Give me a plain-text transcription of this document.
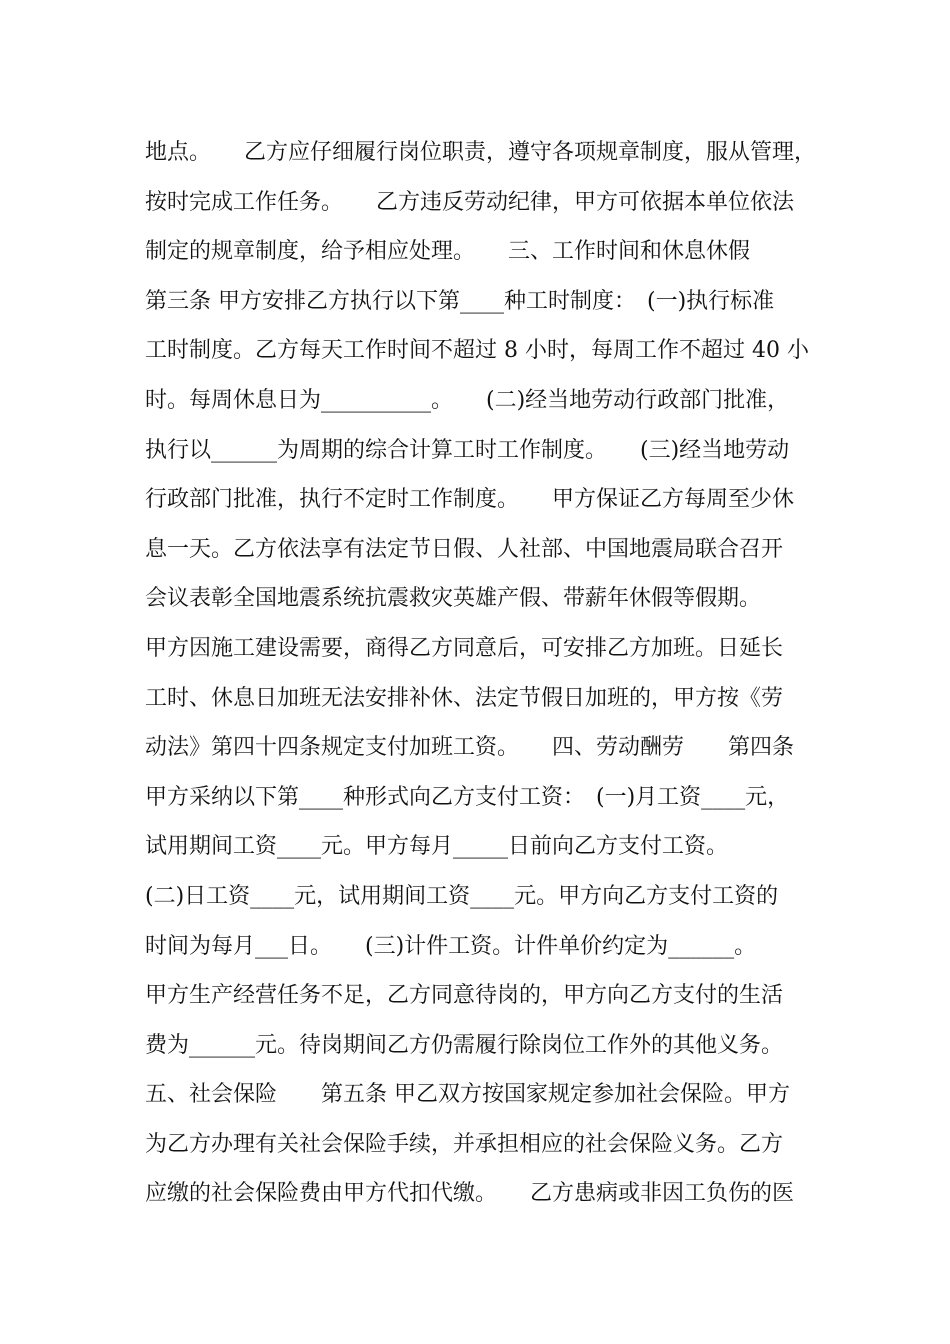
地点。　　乙方应仔细履行岗位职责，遵守各项规章制度，服从管理，
按时完成工作任务。　　乙方违反劳动纪律，甲方可依据本单位依法
制定的规章制度，给予相应处理。　　三、工作时间和休息休假
第三条 甲方安排乙方执行以下第____种工时制度：　(一)执行标准
工时制度。乙方每天工作时间不超过 8 小时，每周工作不超过 40 小
时。每周休息日为__________。　　(二)经当地劳动行政部门批准，
执行以______为周期的综合计算工时工作制度。　　(三)经当地劳动
行政部门批准，执行不定时工作制度。　　甲方保证乙方每周至少休
息一天。乙方依法享有法定节日假、人社部、中国地震局联合召开
会议表彰全国地震系统抗震救灾英雄产假、带薪年休假等假期。
甲方因施工建设需要，商得乙方同意后，可安排乙方加班。日延长
工时、休息日加班无法安排补休、法定节假日加班的，甲方按《劳
动法》第四十四条规定支付加班工资。　　四、劳动酬劳　　第四条
甲方采纳以下第____种形式向乙方支付工资：　(一)月工资____元，
试用期间工资____元。甲方每月_____日前向乙方支付工资。
(二)日工资____元，试用期间工资____元。甲方向乙方支付工资的
时间为每月___日。　　(三)计件工资。计件单价约定为______。
甲方生产经营任务不足，乙方同意待岗的，甲方向乙方支付的生活
费为______元。待岗期间乙方仍需履行除岗位工作外的其他义务。
五、社会保险　　第五条 甲乙双方按国家规定参加社会保险。甲方
为乙方办理有关社会保险手续，并承担相应的社会保险义务。乙方
应缴的社会保险费由甲方代扣代缴。　　乙方患病或非因工负伤的医
